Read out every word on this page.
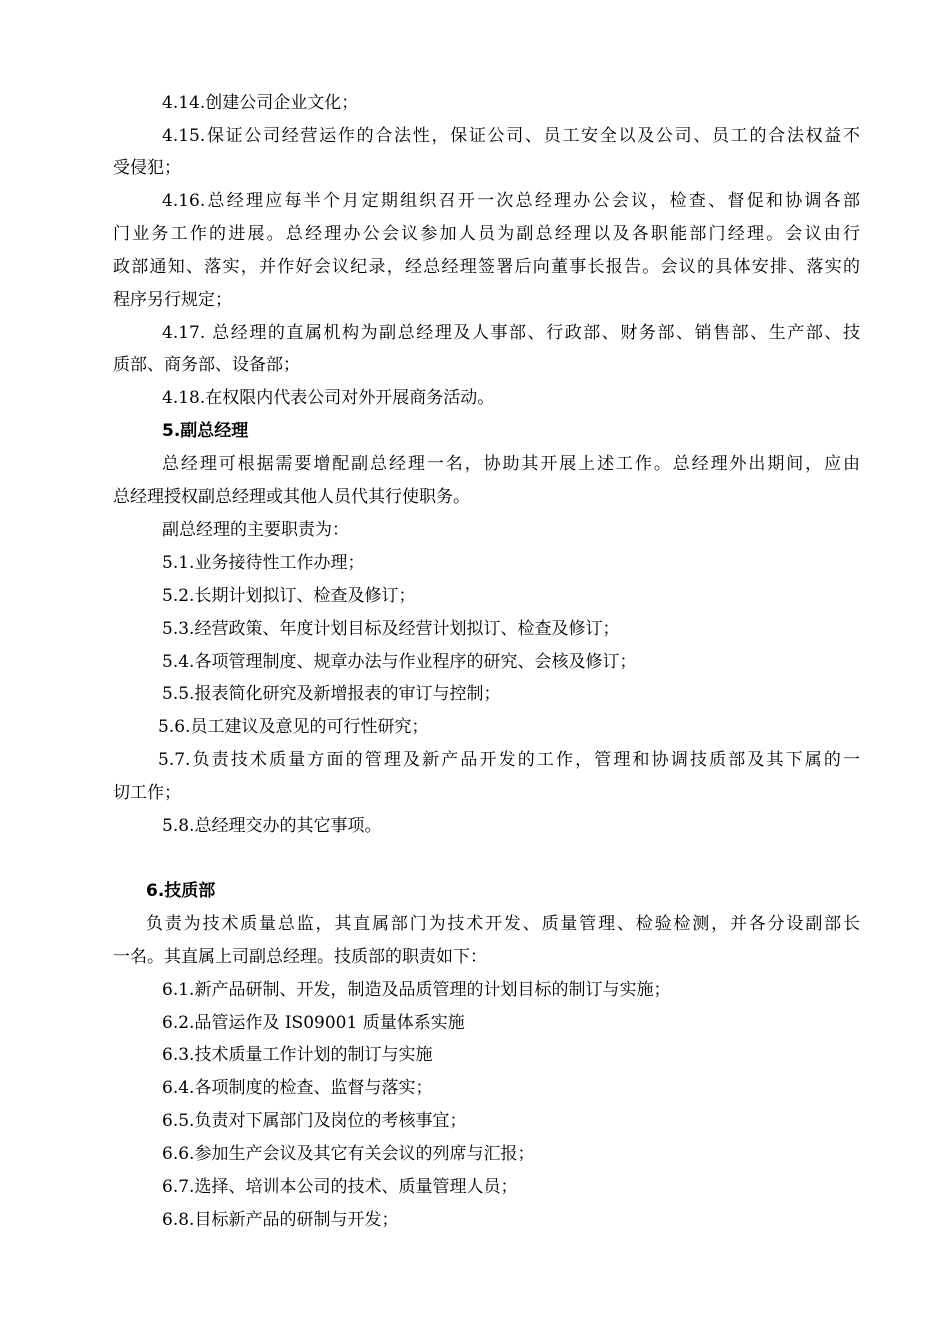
4.14.创建公司企业文化；
4.15.保证公司经营运作的合法性，保证公司、员工安全以及公司、员工的合法权益不
受侵犯；
4.16.总经理应每半个月定期组织召开一次总经理办公会议，检查、督促和协调各部
门业务工作的进展。总经理办公会议参加人员为副总经理以及各职能部门经理。会议由行
政部通知、落实，并作好会议纪录，经总经理签署后向董事长报告。会议的具体安排、落实的
程序另行规定；
4.17. 总经理的直属机构为副总经理及人事部、行政部、财务部、销售部、生产部、技
质部、商务部、设备部；
4.18.在权限内代表公司对外开展商务活动。
5.副总经理
总经理可根据需要增配副总经理一名，协助其开展上述工作。总经理外出期间，应由
总经理授权副总经理或其他人员代其行使职务。
副总经理的主要职责为：
5.1.业务接待性工作办理；
5.2.长期计划拟订、检查及修订；
5.3.经营政策、年度计划目标及经营计划拟订、检查及修订；
5.4.各项管理制度、规章办法与作业程序的研究、会核及修订；
5.5.报表简化研究及新增报表的审订与控制；
5.6.员工建议及意见的可行性研究；
5.7.负责技术质量方面的管理及新产品开发的工作，管理和协调技质部及其下属的一
切工作；
5.8.总经理交办的其它事项。
6.技质部
负责为技术质量总监，其直属部门为技术开发、质量管理、检验检测，并各分设副部长
一名。其直属上司副总经理。技质部的职责如下：
6.1.新产品研制、开发，制造及品质管理的计划目标的制订与实施；
6.2.品管运作及 IS09001 质量体系实施
6.3.技术质量工作计划的制订与实施
6.4.各项制度的检查、监督与落实；
6.5.负责对下属部门及岗位的考核事宜；
6.6.参加生产会议及其它有关会议的列席与汇报；
6.7.选择、培训本公司的技术、质量管理人员；
6.8.目标新产品的研制与开发；
